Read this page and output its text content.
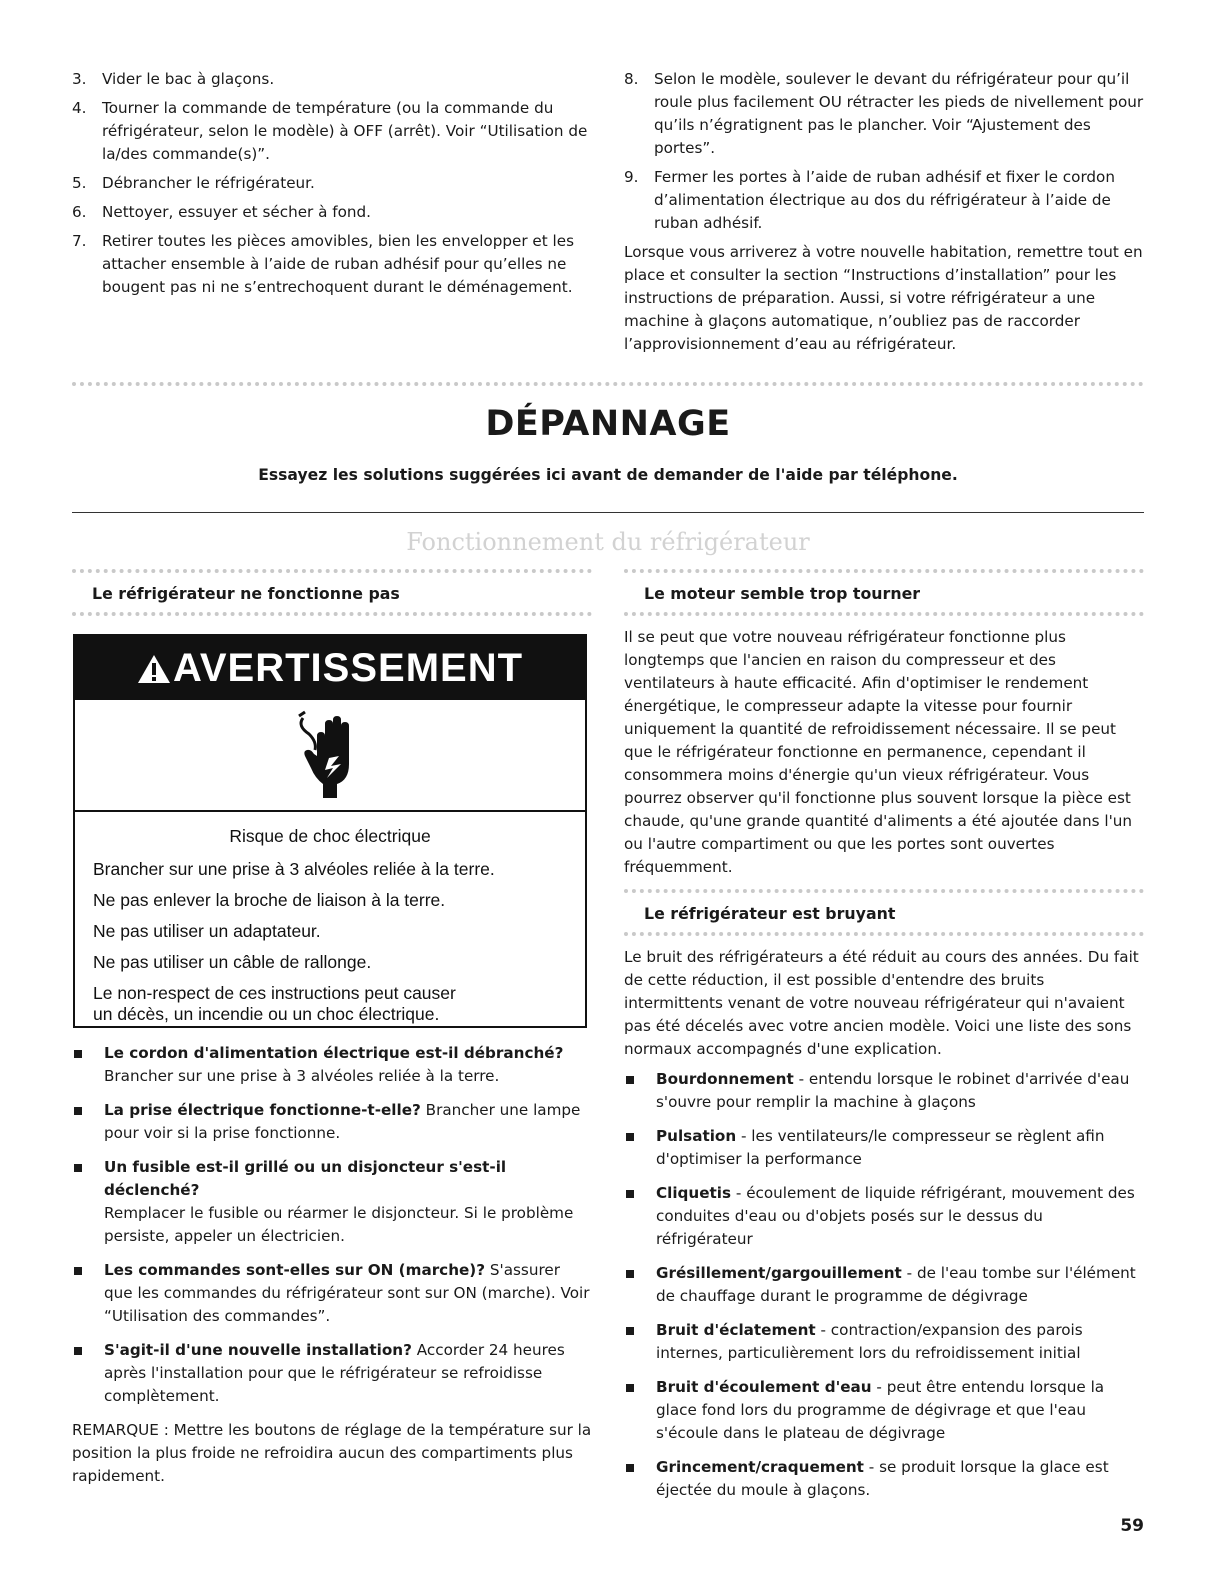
3. Vider le bac à glaçons.
4. Tourner la commande de température (ou la commande du réfrigérateur, selon le modèle) à OFF (arrêt). Voir “Utilisation de la/des commande(s)”.
5. Débrancher le réfrigérateur.
6. Nettoyer, essuyer et sécher à fond.
7. Retirer toutes les pièces amovibles, bien les envelopper et les attacher ensemble à l’aide de ruban adhésif pour qu’elles ne bougent pas ni ne s’entrechoquent durant le déménagement.
8. Selon le modèle, soulever le devant du réfrigérateur pour qu’il roule plus facilement OU rétracter les pieds de nivellement pour qu’ils n’égratignent pas le plancher. Voir “Ajustement des portes”.
9. Fermer les portes à l’aide de ruban adhésif et fixer le cordon d’alimentation électrique au dos du réfrigérateur à l’aide de ruban adhésif.

Lorsque vous arriverez à votre nouvelle habitation, remettre tout en place et consulter la section “Instructions d’installation” pour les instructions de préparation. Aussi, si votre réfrigérateur a une machine à glaçons automatique, n’oubliez pas de raccorder l’approvisionnement d’eau au réfrigérateur.

DÉPANNAGE
Essayez les solutions suggérées ici avant de demander de l'aide par téléphone.
Fonctionnement du réfrigérateur
Le réfrigérateur ne fonctionne pas
AVERTISSEMENT

Risque de choc électrique

Brancher sur une prise à 3 alvéoles reliée à la terre.

Ne pas enlever la broche de liaison à la terre.

Ne pas utiliser un adaptateur.

Ne pas utiliser un câble de rallonge.

Le non-respect de ces instructions peut causer

un décès, un incendie ou un choc électrique.

Le cordon d'alimentation électrique est-il débranché?
Brancher sur une prise à 3 alvéoles reliée à la terre.
La prise électrique fonctionne-t-elle? Brancher une lampe pour voir si la prise fonctionne.
Un fusible est-il grillé ou un disjoncteur s'est-il déclenché?
Remplacer le fusible ou réarmer le disjoncteur. Si le problème persiste, appeler un électricien.
Les commandes sont-elles sur ON (marche)? S'assurer que les commandes du réfrigérateur sont sur ON (marche). Voir “Utilisation des commandes”.
S'agit-il d'une nouvelle installation? Accorder 24 heures après l'installation pour que le réfrigérateur se refroidisse complètement.

REMARQUE : Mettre les boutons de réglage de la température sur la position la plus froide ne refroidira aucun des compartiments plus rapidement.

Le moteur semble trop tourner

Il se peut que votre nouveau réfrigérateur fonctionne plus longtemps que l'ancien en raison du compresseur et des ventilateurs à haute efficacité. Afin d'optimiser le rendement énergétique, le compresseur adapte la vitesse pour fournir uniquement la quantité de refroidissement nécessaire. Il se peut que le réfrigérateur fonctionne en permanence, cependant il consommera moins d'énergie qu'un vieux réfrigérateur. Vous pourrez observer qu'il fonctionne plus souvent lorsque la pièce est chaude, qu'une grande quantité d'aliments a été ajoutée dans l'un ou l'autre compartiment ou que les portes sont ouvertes fréquemment.

Le réfrigérateur est bruyant

Le bruit des réfrigérateurs a été réduit au cours des années. Du fait de cette réduction, il est possible d'entendre des bruits intermittents venant de votre nouveau réfrigérateur qui n'avaient pas été décelés avec votre ancien modèle. Voici une liste des sons normaux accompagnés d'une explication.

Bourdonnement - entendu lorsque le robinet d'arrivée d'eau s'ouvre pour remplir la machine à glaçons
Pulsation - les ventilateurs/le compresseur se règlent afin d'optimiser la performance
Cliquetis - écoulement de liquide réfrigérant, mouvement des conduites d'eau ou d'objets posés sur le dessus du réfrigérateur
Grésillement/gargouillement - de l'eau tombe sur l'élément de chauffage durant le programme de dégivrage
Bruit d'éclatement - contraction/expansion des parois internes, particulièrement lors du refroidissement initial
Bruit d'écoulement d'eau - peut être entendu lorsque la glace fond lors du programme de dégivrage et que l'eau s'écoule dans le plateau de dégivrage
Grincement/craquement - se produit lorsque la glace est éjectée du moule à glaçons.
59
